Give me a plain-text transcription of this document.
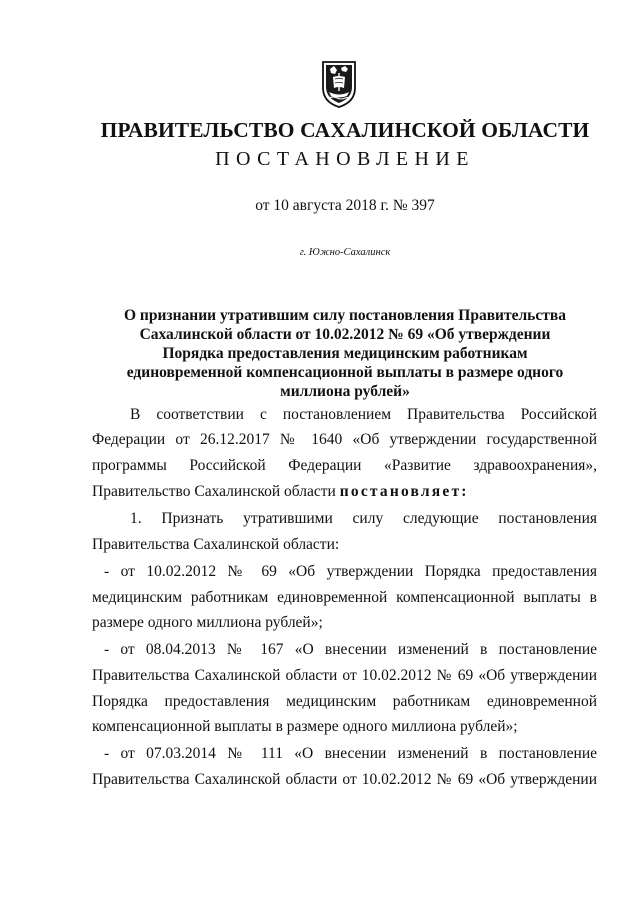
ПРАВИТЕЛЬСТВО САХАЛИНСКОЙ ОБЛАСТИ
ПОСТАНОВЛЕНИЕ
от 10 августа 2018 г. № 397
г. Южно-Сахалинск
О признании утратившим силу постановления Правительства
Сахалинской области от 10.02.2012 № 69 «Об утверждении
Порядка предоставления медицинским работникам
единовременной компенсационной выплаты в размере одного
миллиона рублей»
В соответствии с постановлением Правительства Российской
Федерации от 26.12.2017 № 1640 «Об утверждении государственной
программы Российской Федерации «Развитие здравоохранения»,
Правительство Сахалинской области постановляет:
1. Признать утратившими силу следующие постановления
Правительства Сахалинской области:
- от 10.02.2012 № 69 «Об утверждении Порядка предоставления
медицинским работникам единовременной компенсационной выплаты в
размере одного миллиона рублей»;
- от 08.04.2013 № 167 «О внесении изменений в постановление
Правительства Сахалинской области от 10.02.2012 № 69 «Об утверждении
Порядка предоставления медицинским работникам единовременной
компенсационной выплаты в размере одного миллиона рублей»;
- от 07.03.2014 № 111 «О внесении изменений в постановление
Правительства Сахалинской области от 10.02.2012 № 69 «Об утверждении
